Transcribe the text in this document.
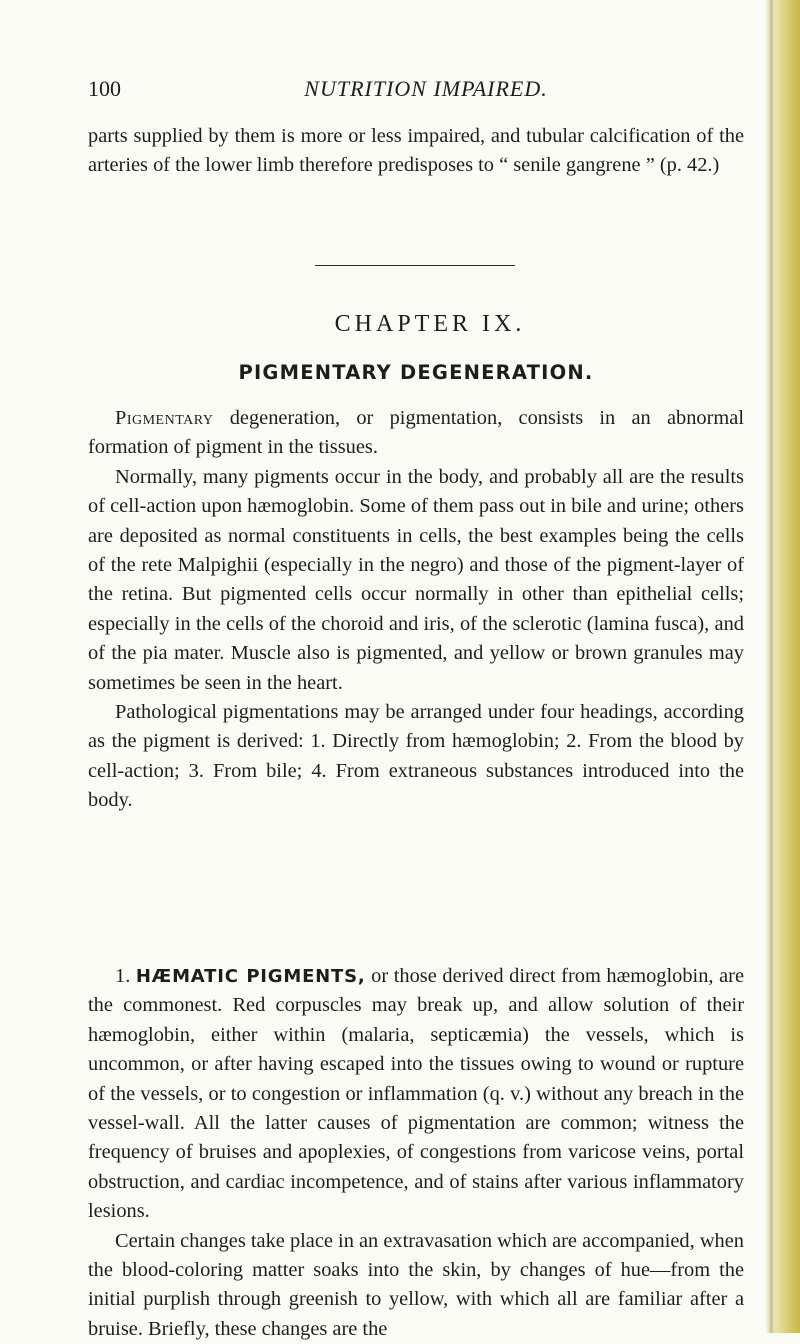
100	NUTRITION IMPAIRED.

parts supplied by them is more or less impaired, and tubular calcification of the arteries of the lower limb therefore predisposes to “ senile gangrene ” (p. 42.)

CHAPTER IX.
PIGMENTARY DEGENERATION.

Pigmentary degeneration, or pigmentation, consists in an abnormal formation of pigment in the tissues.

Normally, many pigments occur in the body, and probably all are the results of cell-action upon hæmoglobin. Some of them pass out in bile and urine; others are deposited as normal constituents in cells, the best examples being the cells of the rete Malpighii (especially in the negro) and those of the pigment-layer of the retina. But pigmented cells occur normally in other than epithelial cells; especially in the cells of the choroid and iris, of the sclerotic (lamina fusca), and of the pia mater. Muscle also is pigmented, and yellow or brown granules may sometimes be seen in the heart.

Pathological pigmentations may be arranged under four headings, according as the pigment is derived: 1. Directly from hæmoglobin; 2. From the blood by cell-action; 3. From bile; 4. From extraneous substances introduced into the body.

1. HÆMATIC PIGMENTS, or those derived direct from hæmoglobin, are the commonest. Red corpuscles may break up, and allow solution of their hæmoglobin, either within (malaria, septicæmia) the vessels, which is uncommon, or after having escaped into the tissues owing to wound or rupture of the vessels, or to congestion or inflammation (q. v.) without any breach in the vessel-wall. All the latter causes of pigmentation are common; witness the frequency of bruises and apoplexies, of congestions from varicose veins, portal obstruction, and cardiac incompetence, and of stains after various inflammatory lesions.

Certain changes take place in an extravasation which are accompanied, when the blood-coloring matter soaks into the skin, by changes of hue—from the initial purplish through greenish to yellow, with which all are familiar after a bruise. Briefly, these changes are the
